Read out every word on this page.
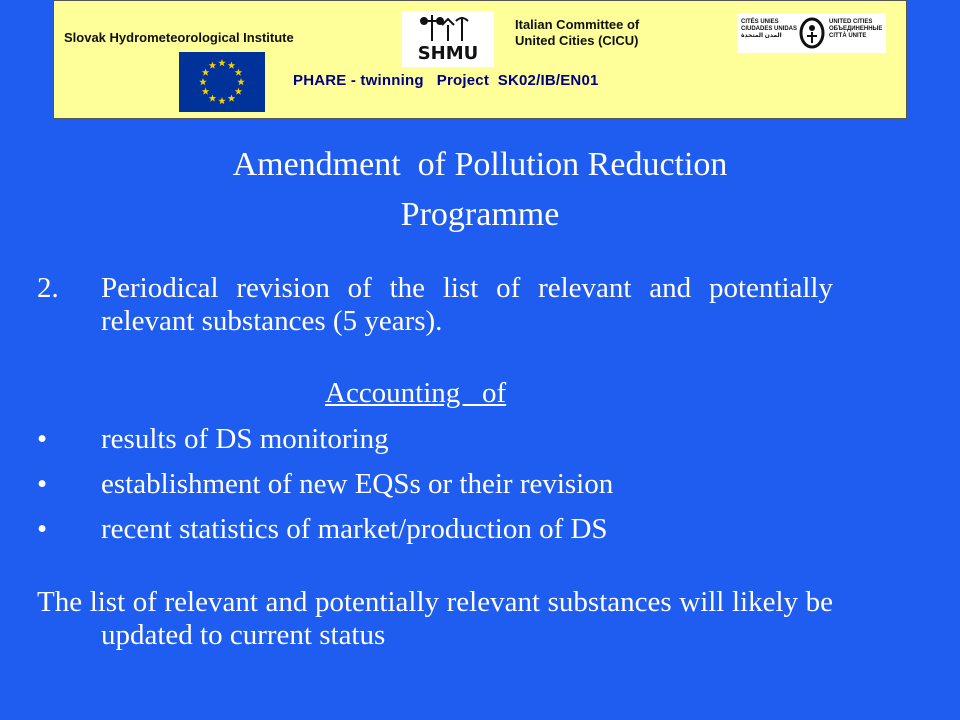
Slovak Hydrometeorological Institute
SHMU
Italian Committee of
United Cities (CICU)
CITÉS UNIES
CIUDADES UNIDAS
المدن المتحدة
UNITED CITIES
ОБЪЕДИНЕННЫЕ
CITTÀ UNITE
PHARE - twinning   Project  SK02/IB/EN01
Amendment  of Pollution Reduction
Programme
2. Periodical revision of the list of relevant and potentially relevant substances (5 years).
Accounting   of
• results of DS monitoring
• establishment of new EQSs or their revision
• recent statistics of market/production of DS
The list of relevant and potentially relevant substances will likely be updated to current status
